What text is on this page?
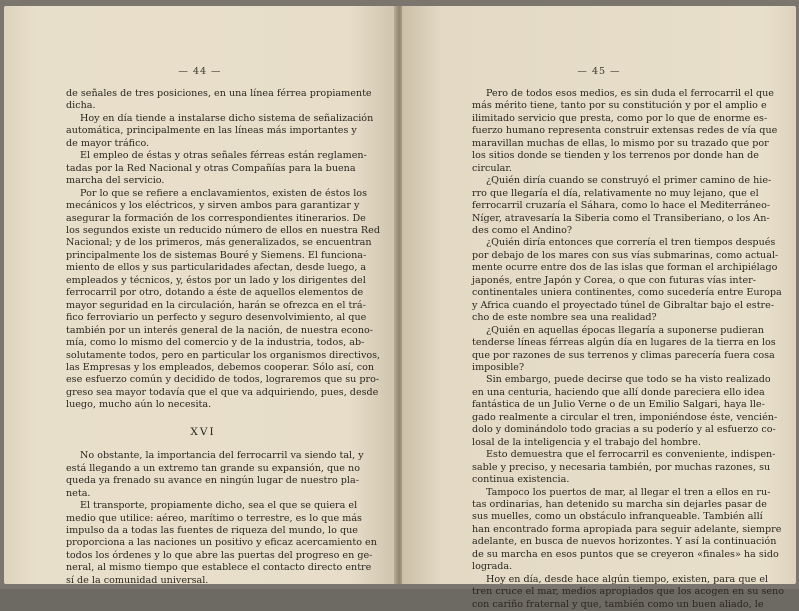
— 44 —
de señales de tres posiciones, en una línea férrea propiamente
dicha.
Hoy en día tiende a instalarse dicho sistema de señalización
automática, principalmente en las líneas más importantes y
de mayor tráfico.
El empleo de éstas y otras señales férreas están reglamen-
tadas por la Red Nacional y otras Compañías para la buena
marcha del servicio.
Por lo que se refiere a enclavamientos, existen de éstos los
mecánicos y los eléctricos, y sirven ambos para garantizar y
asegurar la formación de los correspondientes itinerarios. De
los segundos existe un reducido número de ellos en nuestra Red
Nacional; y de los primeros, más generalizados, se encuentran
principalmente los de sistemas Bouré y Siemens. El funciona-
miento de ellos y sus particularidades afectan, desde luego, a
empleados y técnicos, y, éstos por un lado y los dirigentes del
ferrocarril por otro, dotando a éste de aquellos elementos de
mayor seguridad en la circulación, harán se ofrezca en el trá-
fico ferroviario un perfecto y seguro desenvolvimiento, al que
también por un interés general de la nación, de nuestra econo-
mía, como lo mismo del comercio y de la industria, todos, ab-
solutamente todos, pero en particular los organismos directivos,
las Empresas y los empleados, debemos cooperar. Sólo así, con
ese esfuerzo común y decidido de todos, lograremos que su pro-
greso sea mayor todavía que el que va adquiriendo, pues, desde
luego, mucho aún lo necesita.
XVI
No obstante, la importancia del ferrocarril va siendo tal, y
está llegando a un extremo tan grande su expansión, que no
queda ya frenado su avance en ningún lugar de nuestro pla-
neta.
El transporte, propiamente dicho, sea el que se quiera el
medio que utilice: aéreo, marítimo o terrestre, es lo que más
impulso da a todas las fuentes de riqueza del mundo, lo que
proporciona a las naciones un positivo y eficaz acercamiento en
todos los órdenes y lo que abre las puertas del progreso en ge-
neral, al mismo tiempo que establece el contacto directo entre
sí de la comunidad universal.
— 45 —
Pero de todos esos medios, es sin duda el ferrocarril el que
más mérito tiene, tanto por su constitución y por el amplio e
ilimitado servicio que presta, como por lo que de enorme es-
fuerzo humano representa construir extensas redes de vía que
maravillan muchas de ellas, lo mismo por su trazado que por
los sitios donde se tienden y los terrenos por donde han de
circular.
¿Quién diría cuando se construyó el primer camino de hie-
rro que llegaría el día, relativamente no muy lejano, que el
ferrocarril cruzaría el Sáhara, como lo hace el Mediterráneo-
Níger, atravesaría la Siberia como el Transiberiano, o los An-
des como el Andino?
¿Quién diría entonces que correría el tren tiempos después
por debajo de los mares con sus vías submarinas, como actual-
mente ocurre entre dos de las islas que forman el archipiélago
japonés, entre Japón y Corea, o que con futuras vías inter-
continentales uniera continentes, como sucedería entre Europa
y Africa cuando el proyectado túnel de Gibraltar bajo el estre-
cho de este nombre sea una realidad?
¿Quién en aquellas épocas llegaría a suponerse pudieran
tenderse líneas férreas algún día en lugares de la tierra en los
que por razones de sus terrenos y climas parecería fuera cosa
imposible?
Sin embargo, puede decirse que todo se ha visto realizado
en una centuria, haciendo que allí donde pareciera ello idea
fantástica de un Julio Verne o de un Emilio Salgari, haya lle-
gado realmente a circular el tren, imponiéndose éste, vencién-
dolo y dominándolo todo gracias a su poderío y al esfuerzo co-
losal de la inteligencia y el trabajo del hombre.
Esto demuestra que el ferrocarril es conveniente, indispen-
sable y preciso, y necesaria también, por muchas razones, su
continua existencia.
Tampoco los puertos de mar, al llegar el tren a ellos en ru-
tas ordinarias, han detenido su marcha sin dejarles pasar de
sus muelles, como un obstáculo infranqueable. También allí
han encontrado forma apropiada para seguir adelante, siempre
adelante, en busca de nuevos horizontes. Y así la continuación
de su marcha en esos puntos que se creyeron «finales» ha sido
lograda.
Hoy en día, desde hace algún tiempo, existen, para que el
tren cruce el mar, medios apropiados que los acogen en su seno
con cariño fraternal y que, también como un buen aliado, le
